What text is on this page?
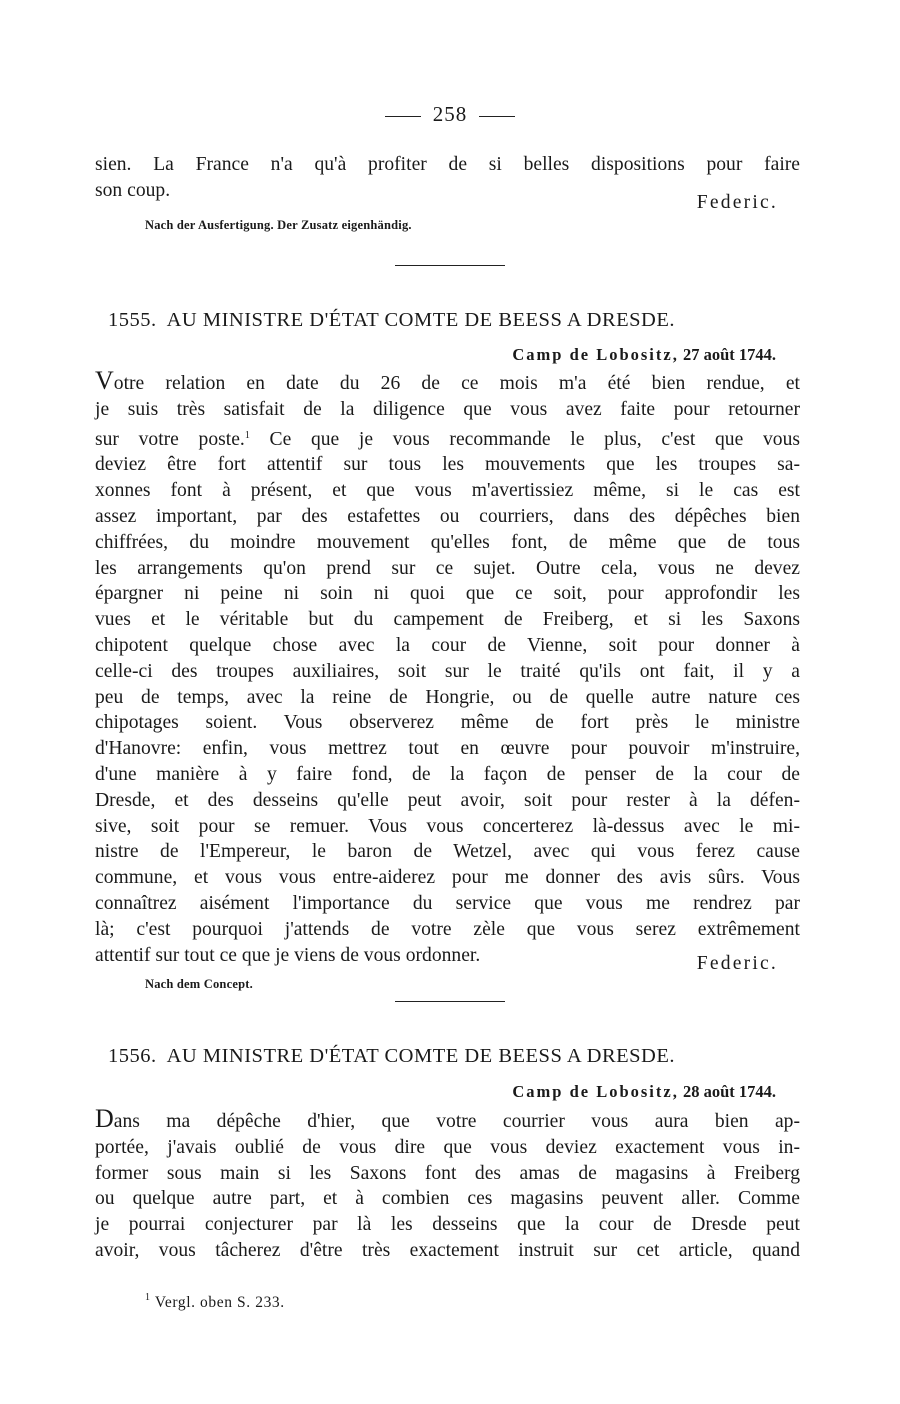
258
sien. La France n'a qu'à profiter de si belles dispositions pour faire
son coup.
Federic.
Nach der Ausfertigung. Der Zusatz eigenhändig.
1555. AU MINISTRE D'ÉTAT COMTE DE BEESS A DRESDE.
Camp de Lobositz, 27 août 1744.
Votre relation en date du 26 de ce mois m'a été bien rendue, et
je suis très satisfait de la diligence que vous avez faite pour retourner
sur votre poste.$^1$ Ce que je vous recommande le plus, c'est que vous
deviez être fort attentif sur tous les mouvements que les troupes sa-
xonnes font à présent, et que vous m'avertissiez même, si le cas est
assez important, par des estafettes ou courriers, dans des dépêches bien
chiffrées, du moindre mouvement qu'elles font, de même que de tous
les arrangements qu'on prend sur ce sujet. Outre cela, vous ne devez
épargner ni peine ni soin ni quoi que ce soit, pour approfondir les
vues et le véritable but du campement de Freiberg, et si les Saxons
chipotent quelque chose avec la cour de Vienne, soit pour donner à
celle-ci des troupes auxiliaires, soit sur le traité qu'ils ont fait, il y a
peu de temps, avec la reine de Hongrie, ou de quelle autre nature ces
chipotages soient. Vous observerez même de fort près le ministre
d'Hanovre: enfin, vous mettrez tout en œuvre pour pouvoir m'instruire,
d'une manière à y faire fond, de la façon de penser de la cour de
Dresde, et des desseins qu'elle peut avoir, soit pour rester à la défen-
sive, soit pour se remuer. Vous vous concerterez là-dessus avec le mi-
nistre de l'Empereur, le baron de Wetzel, avec qui vous ferez cause
commune, et vous vous entre-aiderez pour me donner des avis sûrs. Vous
connaîtrez aisément l'importance du service que vous me rendrez par
là; c'est pourquoi j'attends de votre zèle que vous serez extrêmement
attentif sur tout ce que je viens de vous ordonner.	Federic.
Nach dem Concept.
1556. AU MINISTRE D'ÉTAT COMTE DE BEESS A DRESDE.
Camp de Lobositz, 28 août 1744.
Dans ma dépêche d'hier, que votre courrier vous aura bien ap-
portée, j'avais oublié de vous dire que vous deviez exactement vous in-
former sous main si les Saxons font des amas de magasins à Freiberg
ou quelque autre part, et à combien ces magasins peuvent aller. Comme
je pourrai conjecturer par là les desseins que la cour de Dresde peut
avoir, vous tâcherez d'être très exactement instruit sur cet article, quand
$^1$ Vergl. oben S. 233.
